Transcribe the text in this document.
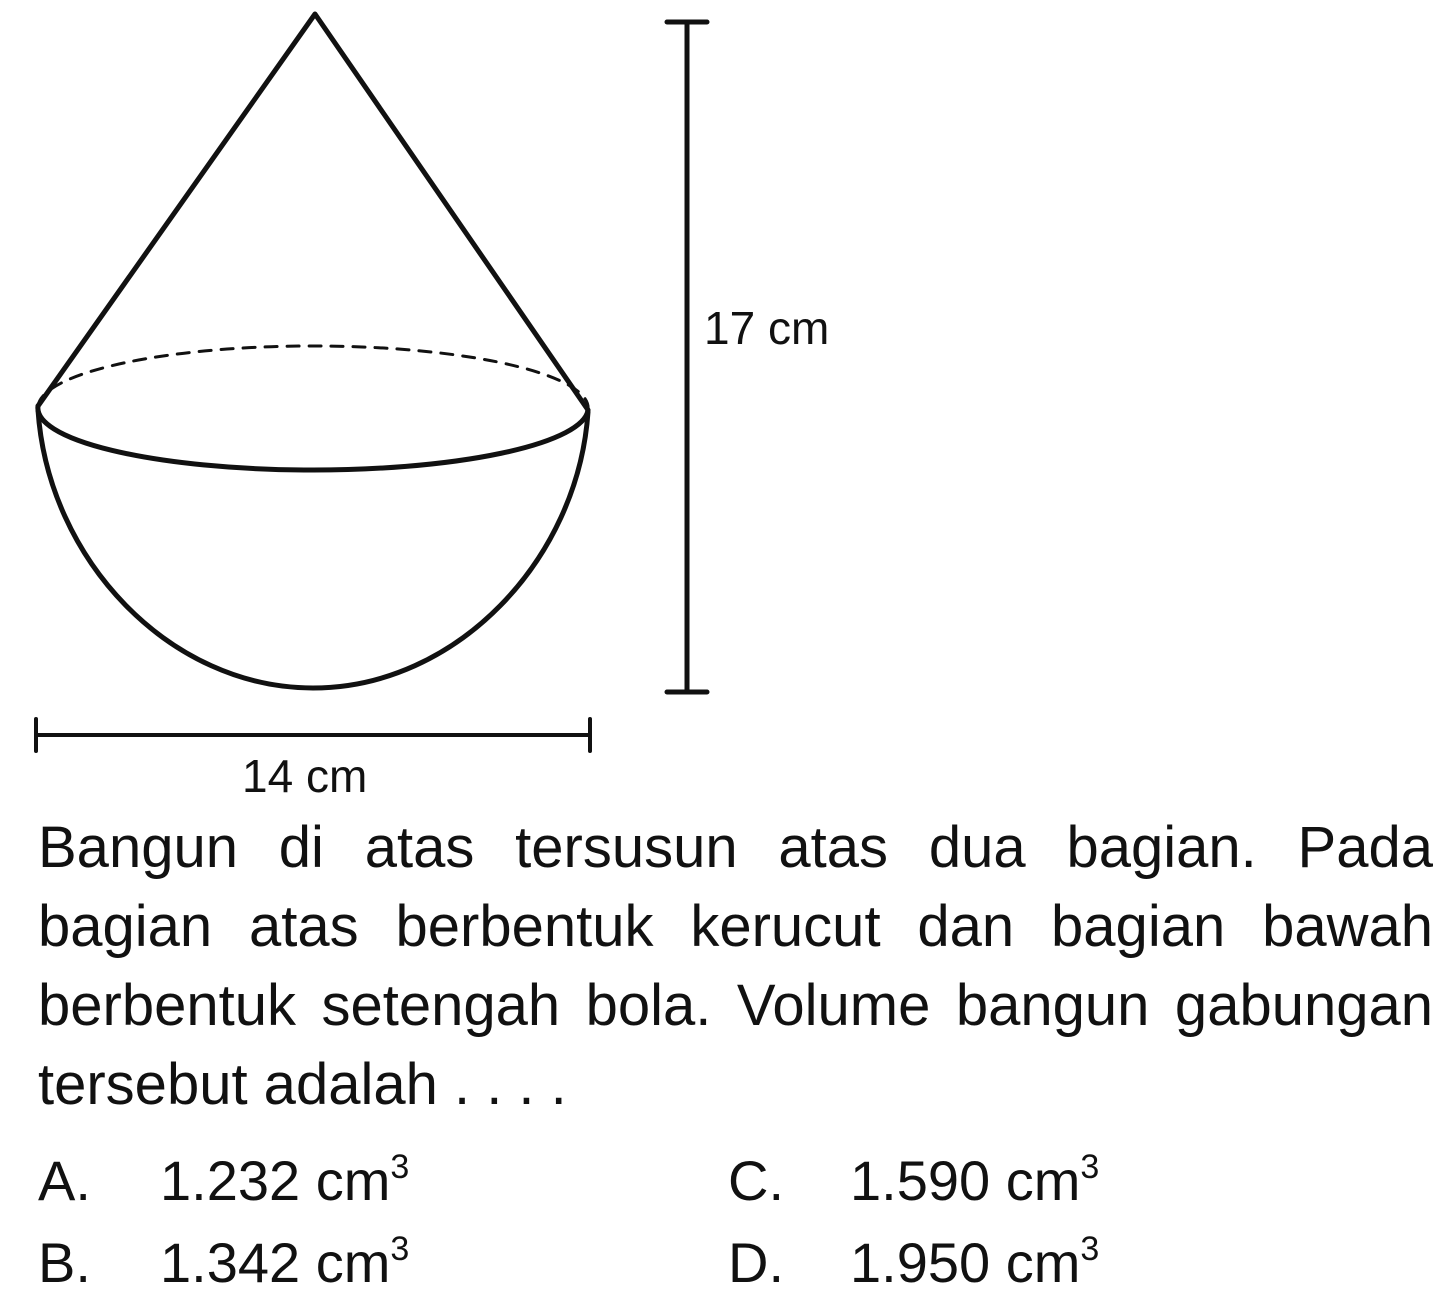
17 cm
14 cm

Bangun di atas tersusun atas dua bagian. Pada bagian atas berbentuk kerucut dan bagian bawah berbentuk setengah bola. Volume bangun gabungan tersebut adalah . . . .

A. 1.232 $cm^3$
B. 1.342 $cm^3$
C. 1.590 $cm^3$
D. 1.950 $cm^3$
